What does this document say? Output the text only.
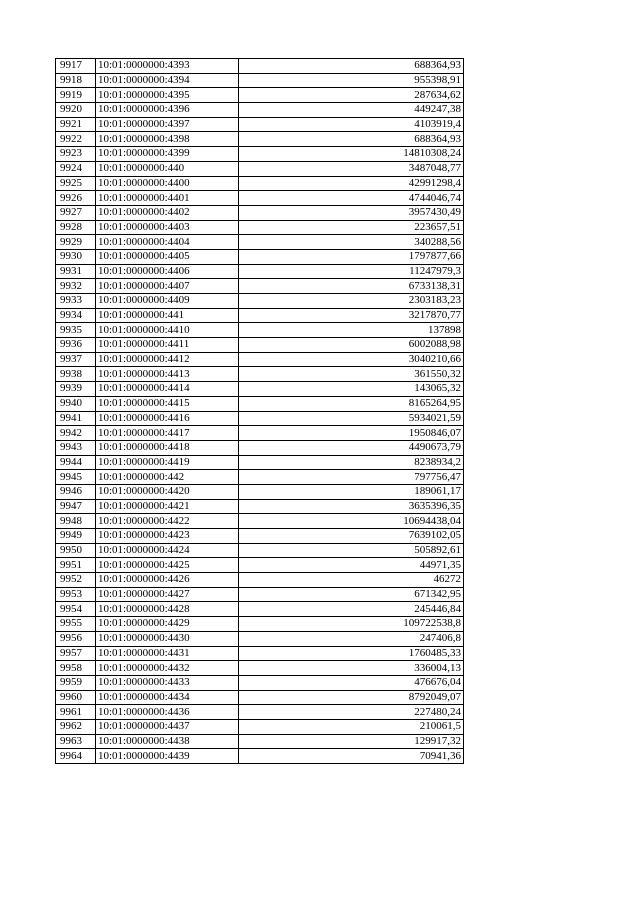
9917	10:01:0000000:4393	688364,93
9918	10:01:0000000:4394	955398,91
9919	10:01:0000000:4395	287634,62
9920	10:01:0000000:4396	449247,38
9921	10:01:0000000:4397	4103919,4
9922	10:01:0000000:4398	688364,93
9923	10:01:0000000:4399	14810308,24
9924	10:01:0000000:440	3487048,77
9925	10:01:0000000:4400	42991298,4
9926	10:01:0000000:4401	4744046,74
9927	10:01:0000000:4402	3957430,49
9928	10:01:0000000:4403	223657,51
9929	10:01:0000000:4404	340288,56
9930	10:01:0000000:4405	1797877,66
9931	10:01:0000000:4406	11247979,3
9932	10:01:0000000:4407	6733138,31
9933	10:01:0000000:4409	2303183,23
9934	10:01:0000000:441	3217870,77
9935	10:01:0000000:4410	137898
9936	10:01:0000000:4411	6002088,98
9937	10:01:0000000:4412	3040210,66
9938	10:01:0000000:4413	361550,32
9939	10:01:0000000:4414	143065,32
9940	10:01:0000000:4415	8165264,95
9941	10:01:0000000:4416	5934021,59
9942	10:01:0000000:4417	1950846,07
9943	10:01:0000000:4418	4490673,79
9944	10:01:0000000:4419	8238934,2
9945	10:01:0000000:442	797756,47
9946	10:01:0000000:4420	189061,17
9947	10:01:0000000:4421	3635396,35
9948	10:01:0000000:4422	10694438,04
9949	10:01:0000000:4423	7639102,05
9950	10:01:0000000:4424	505892,61
9951	10:01:0000000:4425	44971,35
9952	10:01:0000000:4426	46272
9953	10:01:0000000:4427	671342,95
9954	10:01:0000000:4428	245446,84
9955	10:01:0000000:4429	109722538,8
9956	10:01:0000000:4430	247406,8
9957	10:01:0000000:4431	1760485,33
9958	10:01:0000000:4432	336004,13
9959	10:01:0000000:4433	476676,04
9960	10:01:0000000:4434	8792049,07
9961	10:01:0000000:4436	227480,24
9962	10:01:0000000:4437	210061,5
9963	10:01:0000000:4438	129917,32
9964	10:01:0000000:4439	70941,36
